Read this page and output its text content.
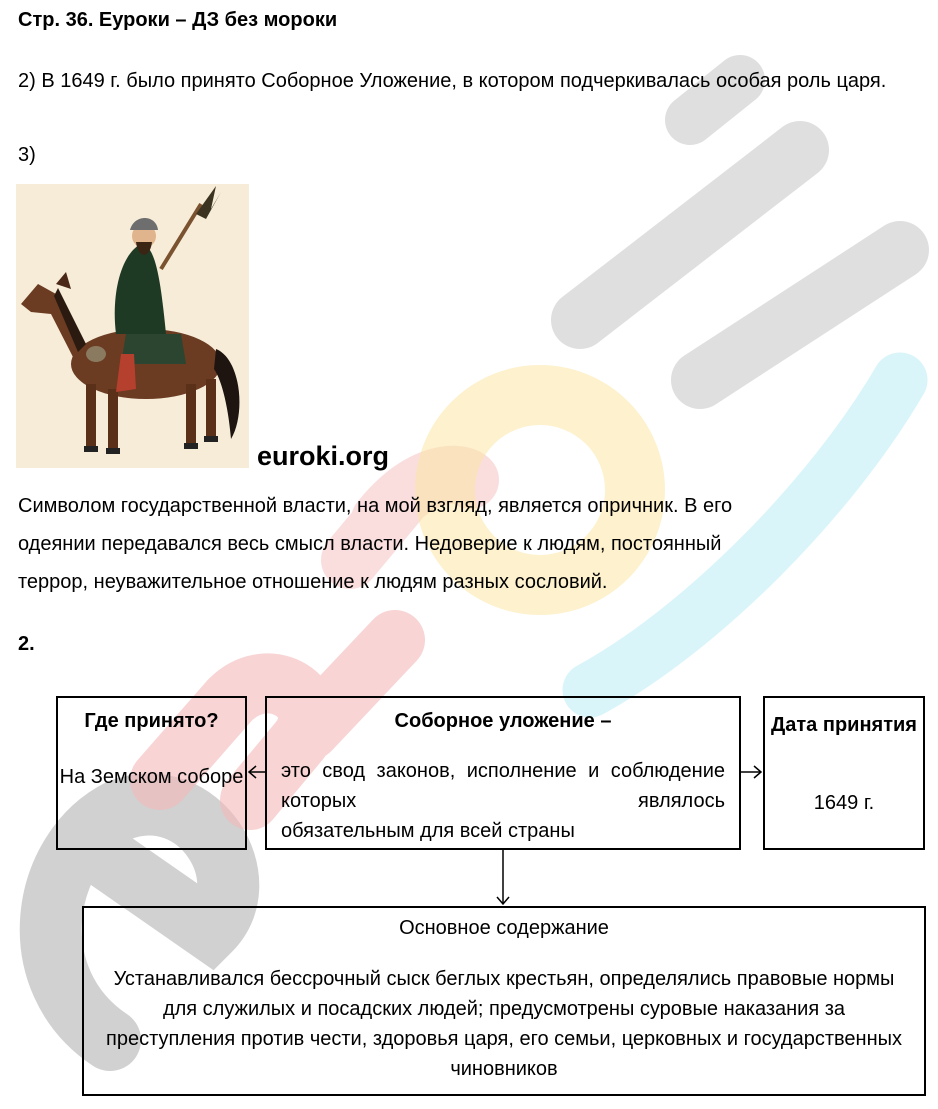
Стр. 36. Еуроки – ДЗ без мороки
2) В 1649 г. было принято Соборное Уложение, в котором подчеркивалась особая роль царя.
3)
euroki.org
Символом государственной власти, на мой взгляд, является опричник. В его
одеянии передавался весь смысл власти. Недоверие к людям, постоянный
террор, неуважительное отношение к людям разных сословий.
2.
Где принято?
На Земском соборе
Соборное уложение –
это свод законов, исполнение и соблюдение которых являлось
обязательным для всей страны
Дата принятия
1649 г.
Основное содержание
Устанавливался бессрочный сыск беглых крестьян, определялись правовые нормы для служилых и посадских людей; предусмотрены суровые наказания за преступления против чести, здоровья царя, его семьи, церковных и государственных чиновников
